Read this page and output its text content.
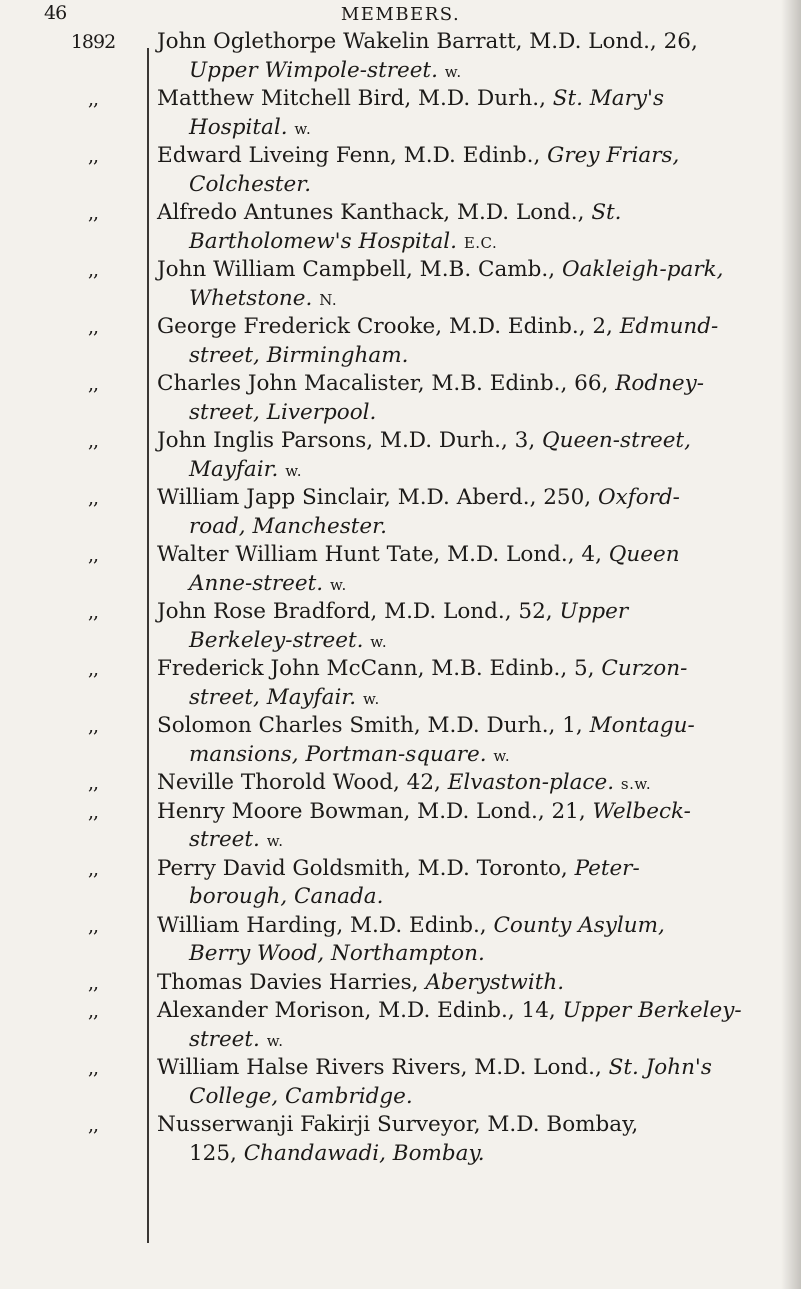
46	MEMBERS.
1892	John Oglethorpe Wakelin Barratt, M.D. Lond., 26,
Upper Wimpole-street. w.
,,	Matthew Mitchell Bird, M.D. Durh., St. Mary's
Hospital. w.
,,	Edward Liveing Fenn, M.D. Edinb., Grey Friars,
Colchester.
,,	Alfredo Antunes Kanthack, M.D. Lond., St.
Bartholomew's Hospital. E.C.
,,	John William Campbell, M.B. Camb., Oakleigh-park,
Whetstone. N.
,,	George Frederick Crooke, M.D. Edinb., 2, Edmund-
street, Birmingham.
,,	Charles John Macalister, M.B. Edinb., 66, Rodney-
street, Liverpool.
,,	John Inglis Parsons, M.D. Durh., 3, Queen-street,
Mayfair. w.
,,	William Japp Sinclair, M.D. Aberd., 250, Oxford-
road, Manchester.
,,	Walter William Hunt Tate, M.D. Lond., 4, Queen
Anne-street. w.
,,	John Rose Bradford, M.D. Lond., 52, Upper
Berkeley-street. w.
,,	Frederick John McCann, M.B. Edinb., 5, Curzon-
street, Mayfair. w.
,,	Solomon Charles Smith, M.D. Durh., 1, Montagu-
mansions, Portman-square. w.
,,	Neville Thorold Wood, 42, Elvaston-place. s.w.
,,	Henry Moore Bowman, M.D. Lond., 21, Welbeck-
street. w.
,,	Perry David Goldsmith, M.D. Toronto, Peter-
borough, Canada.
,,	William Harding, M.D. Edinb., County Asylum,
Berry Wood, Northampton.
,,	Thomas Davies Harries, Aberystwith.
,,	Alexander Morison, M.D. Edinb., 14, Upper Berkeley-
street. w.
,,	William Halse Rivers Rivers, M.D. Lond., St. John's
College, Cambridge.
,,	Nusserwanji Fakirji Surveyor, M.D. Bombay,
125, Chandawadi, Bombay.
